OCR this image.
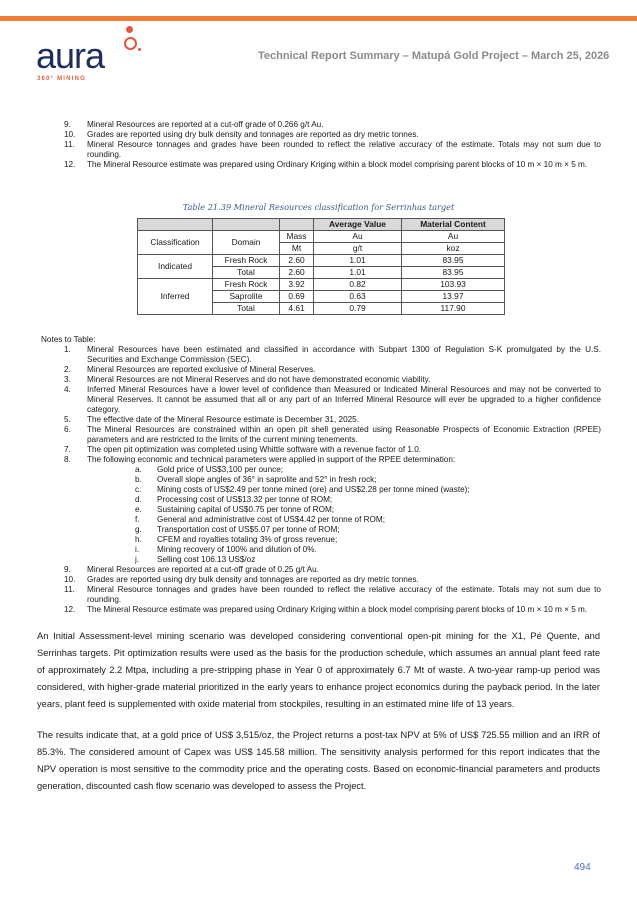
aura
360° MINING
Technical Report Summary – Matupá Gold Project – March 25, 2026
9. Mineral Resources are reported at a cut-off grade of 0.266 g/t Au.
10. Grades are reported using dry bulk density and tonnages are reported as dry metric tonnes.
11. Mineral Resource tonnages and grades have been rounded to reflect the relative accuracy of the estimate. Totals may not sum due to rounding.
12. The Mineral Resource estimate was prepared using Ordinary Kriging within a block model comprising parent blocks of 10 m × 10 m × 5 m.
Table 21.39 Mineral Resources classification for Serrinhas target
			Average Value	Material Content
Classification	Domain	Mass	Au	Au
		Mt	g/t	koz
Indicated	Fresh Rock	2.60	1.01	83.95
	Total	2.60	1.01	83.95
Inferred	Fresh Rock	3.92	0.82	103.93
	Saprolite	0.69	0.63	13.97
	Total	4.61	0.79	117.90
Notes to Table:
1. Mineral Resources have been estimated and classified in accordance with Subpart 1300 of Regulation S-K promulgated by the U.S. Securities and Exchange Commission (SEC).
2. Mineral Resources are reported exclusive of Mineral Reserves.
3. Mineral Resources are not Mineral Reserves and do not have demonstrated economic viability.
4. Inferred Mineral Resources have a lower level of confidence than Measured or Indicated Mineral Resources and may not be converted to Mineral Reserves. It cannot be assumed that all or any part of an Inferred Mineral Resource will ever be upgraded to a higher confidence category.
5. The effective date of the Mineral Resource estimate is December 31, 2025.
6. The Mineral Resources are constrained within an open pit shell generated using Reasonable Prospects of Economic Extraction (RPEE) parameters and are restricted to the limits of the current mining tenements.
7. The open pit optimization was completed using Whittle software with a revenue factor of 1.0.
8. The following economic and technical parameters were applied in support of the RPEE determination:
a. Gold price of US$3,100 per ounce;
b. Overall slope angles of 36° in saprolite and 52° in fresh rock;
c. Mining costs of US$2.49 per tonne mined (ore) and US$2.28 per tonne mined (waste);
d. Processing cost of US$13.32 per tonne of ROM;
e. Sustaining capital of US$0.75 per tonne of ROM;
f. General and administrative cost of US$4.42 per tonne of ROM;
g. Transportation cost of US$5.07 per tonne of ROM;
h. CFEM and royalties totaling 3% of gross revenue;
i. Mining recovery of 100% and dilution of 0%.
j. Selling cost 106.13 US$/oz
9. Mineral Resources are reported at a cut-off grade of 0.25 g/t Au.
10. Grades are reported using dry bulk density and tonnages are reported as dry metric tonnes.
11. Mineral Resource tonnages and grades have been rounded to reflect the relative accuracy of the estimate. Totals may not sum due to rounding.
12. The Mineral Resource estimate was prepared using Ordinary Kriging within a block model comprising parent blocks of 10 m × 10 m × 5 m.
An Initial Assessment-level mining scenario was developed considering conventional open-pit mining for the X1, Pé Quente, and Serrinhas targets. Pit optimization results were used as the basis for the production schedule, which assumes an annual plant feed rate of approximately 2.2 Mtpa, including a pre-stripping phase in Year 0 of approximately 6.7 Mt of waste. A two-year ramp-up period was considered, with higher-grade material prioritized in the early years to enhance project economics during the payback period. In the later years, plant feed is supplemented with oxide material from stockpiles, resulting in an estimated mine life of 13 years.
The results indicate that, at a gold price of US$ 3,515/oz, the Project returns a post-tax NPV at 5% of US$ 725.55 million and an IRR of 85.3%. The considered amount of Capex was US$ 145.58 million. The sensitivity analysis performed for this report indicates that the NPV operation is most sensitive to the commodity price and the operating costs. Based on economic-financial parameters and products generation, discounted cash flow scenario was developed to assess the Project.
494
